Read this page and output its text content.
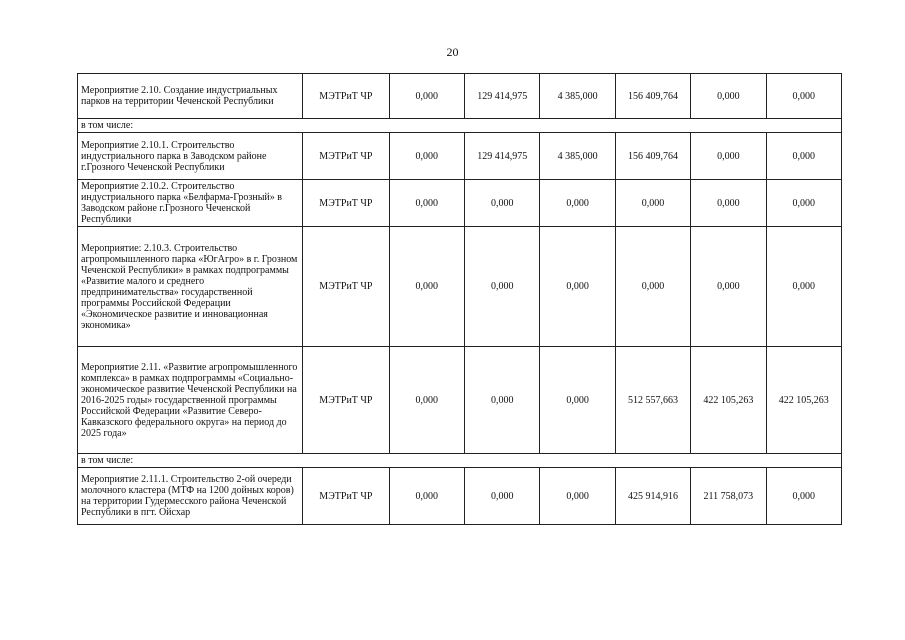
20
Мероприятие 2.10. Создание индустриальных парков на территории Чеченской Республики	МЭТРиТ ЧР	0,000	129 414,975	4 385,000	156 409,764	0,000	0,000
в том числе:							
Мероприятие 2.10.1. Строительство индустриального парка в Заводском районе г.Грозного Чеченской Республики	МЭТРиТ ЧР	0,000	129 414,975	4 385,000	156 409,764	0,000	0,000
Мероприятие 2.10.2. Строительство индустриального парка «Белфарма-Грозный» в Заводском районе г.Грозного Чеченской Республики	МЭТРиТ ЧР	0,000	0,000	0,000	0,000	0,000	0,000
Мероприятие: 2.10.3. Строительство агропромышленного парка «ЮгАгро» в г. Грозном Чеченской Республики» в рамках подпрограммы «Развитие малого и среднего предпринимательства» государственной программы Российской Федерации «Экономическое развитие и инновационная экономика»	МЭТРиТ ЧР	0,000	0,000	0,000	0,000	0,000	0,000
Мероприятие 2.11. «Развитие агропромышленного комплекса» в рамках подпрограммы «Социально-экономическое развитие Чеченской Республики на 2016-2025 годы» государственной программы Российской Федерации «Развитие Северо-Кавказского федерального округа» на период до 2025 года»	МЭТРиТ ЧР	0,000	0,000	0,000	512 557,663	422 105,263	422 105,263
в том числе:							
Мероприятие 2.11.1. Строительство 2-ой очереди молочного кластера (МТФ на 1200 дойных коров) на территории Гудермесского района Чеченской Республики в пгт. Ойсхар	МЭТРиТ ЧР	0,000	0,000	0,000	425 914,916	211 758,073	0,000
